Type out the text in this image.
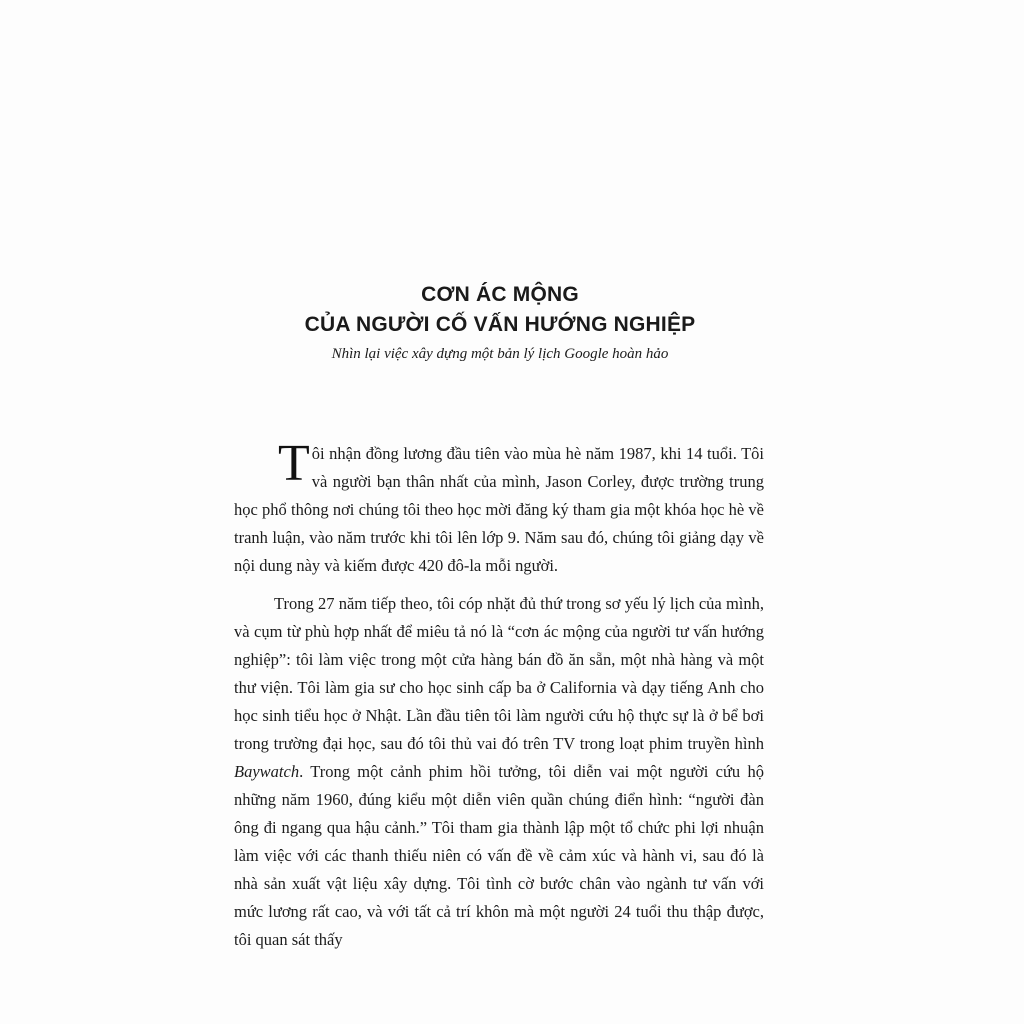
CƠN ÁC MỘNG
CỦA NGƯỜI CỐ VẤN HƯỚNG NGHIỆP
Nhìn lại việc xây dựng một bản lý lịch Google hoàn hảo

Tôi nhận đồng lương đầu tiên vào mùa hè năm 1987, khi 14 tuổi. Tôi và người bạn thân nhất của mình, Jason Corley, được trường trung học phổ thông nơi chúng tôi theo học mời đăng ký tham gia một khóa học hè về tranh luận, vào năm trước khi tôi lên lớp 9. Năm sau đó, chúng tôi giảng dạy về nội dung này và kiếm được 420 đô-la mỗi người.

Trong 27 năm tiếp theo, tôi cóp nhặt đủ thứ trong sơ yếu lý lịch của mình, và cụm từ phù hợp nhất để miêu tả nó là “cơn ác mộng của người tư vấn hướng nghiệp”: tôi làm việc trong một cửa hàng bán đồ ăn sẵn, một nhà hàng và một thư viện. Tôi làm gia sư cho học sinh cấp ba ở California và dạy tiếng Anh cho học sinh tiểu học ở Nhật. Lần đầu tiên tôi làm người cứu hộ thực sự là ở bể bơi trong trường đại học, sau đó tôi thủ vai đó trên TV trong loạt phim truyền hình Baywatch. Trong một cảnh phim hồi tưởng, tôi diễn vai một người cứu hộ những năm 1960, đúng kiểu một diễn viên quần chúng điển hình: “người đàn ông đi ngang qua hậu cảnh.” Tôi tham gia thành lập một tổ chức phi lợi nhuận làm việc với các thanh thiếu niên có vấn đề về cảm xúc và hành vi, sau đó là nhà sản xuất vật liệu xây dựng. Tôi tình cờ bước chân vào ngành tư vấn với mức lương rất cao, và với tất cả trí khôn mà một người 24 tuổi thu thập được, tôi quan sát thấy
